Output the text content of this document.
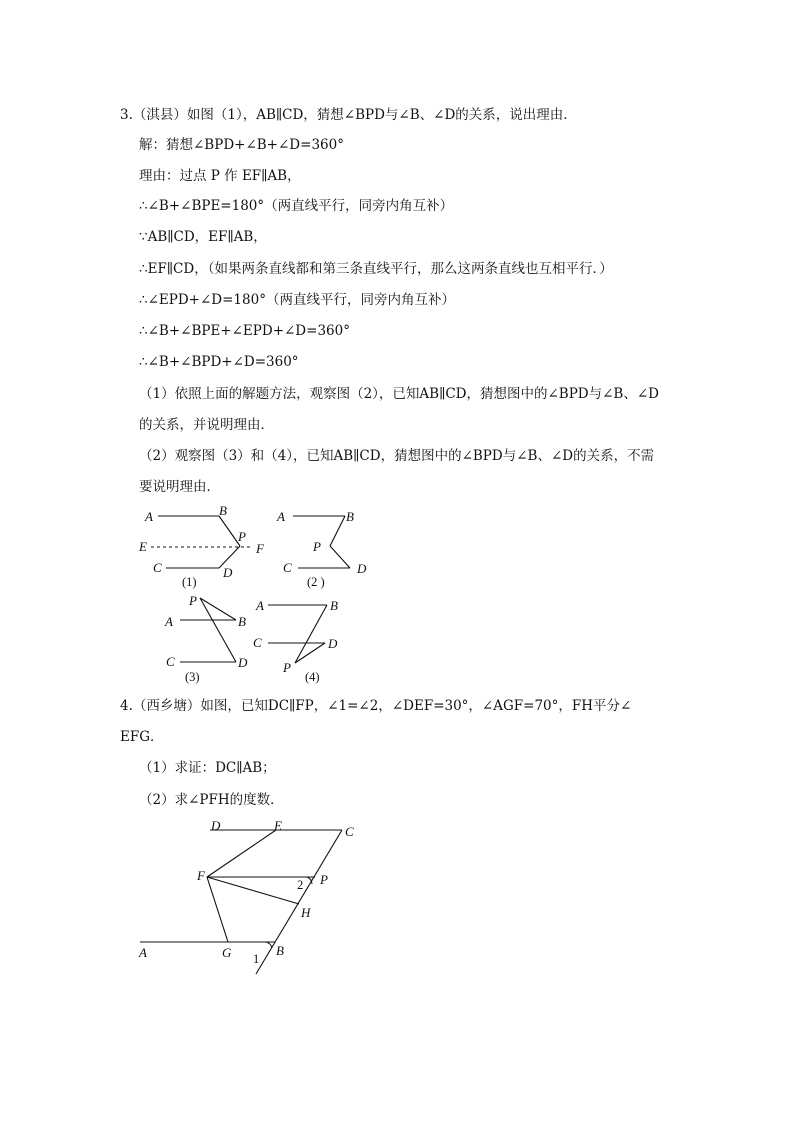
3.（淇县）如图（1），AB∥CD，猜想∠BPD与∠B、∠D的关系，说出理由．
解：猜想∠BPD+∠B+∠D=360°
理由：过点 P 作 EF∥AB，
∴∠B+∠BPE=180°（两直线平行，同旁内角互补）
∵AB∥CD，EF∥AB，
∴EF∥CD，（如果两条直线都和第三条直线平行，那么这两条直线也互相平行．）
∴∠EPD+∠D=180°（两直线平行，同旁内角互补）
∴∠B+∠BPE+∠EPD+∠D=360°
∴∠B+∠BPD+∠D=360°
（1）依照上面的解题方法，观察图（2），已知AB∥CD，猜想图中的∠BPD与∠B、∠D
的关系，并说明理由．
（2）观察图（3）和（4），已知AB∥CD，猜想图中的∠BPD与∠B、∠D的关系，不需
要说明理由．
A	B
E
P
F
C	D
(1)
A	B
P
C	D
(2 )
P
A	B
C	D
(3)
A	B
C	D
P
(4)
D	E	C
F
2 P
H
A	G 1
B
4.（西乡塘）如图，已知DC∥FP，∠1=∠2，∠DEF=30°，∠AGF=70°，FH平分∠
EFG．
（1）求证：DC∥AB；
（2）求∠PFH的度数．
